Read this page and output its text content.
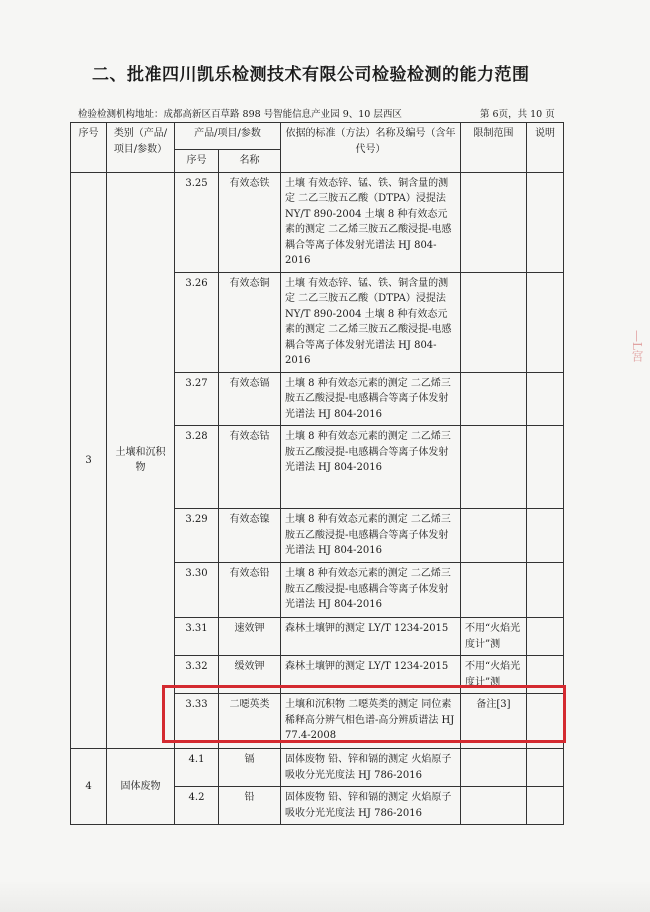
二、批准四川凯乐检测技术有限公司检验检测的能力范围
检验检测机构地址：成都高新区百草路 898 号智能信息产业园 9、10 层西区	第 6页，共 10 页
序号	类别（产品/项目/参数）	产品/项目/参数		依据的标准（方法）名称及编号（含年代号）	限制范围	说明
		序号	名称			
3	土壤和沉积物	3.25	有效态铁	土壤 有效态锌、锰、铁、铜含量的测定 二乙三胺五乙酸（DTPA）浸提法 NY/T 890-2004 土壤 8 种有效态元素的测定 二乙烯三胺五乙酸浸提-电感耦合等离子体发射光谱法 HJ 804-2016		
		3.26	有效态铜	土壤 有效态锌、锰、铁、铜含量的测定 二乙三胺五乙酸（DTPA）浸提法 NY/T 890-2004 土壤 8 种有效态元素的测定 二乙烯三胺五乙酸浸提-电感耦合等离子体发射光谱法 HJ 804-2016		
		3.27	有效态镉	土壤 8 种有效态元素的测定 二乙烯三胺五乙酸浸提-电感耦合等离子体发射光谱法 HJ 804-2016		
		3.28	有效态钴	土壤 8 种有效态元素的测定 二乙烯三胺五乙酸浸提-电感耦合等离子体发射光谱法 HJ 804-2016		
		3.29	有效态镍	土壤 8 种有效态元素的测定 二乙烯三胺五乙酸浸提-电感耦合等离子体发射光谱法 HJ 804-2016		
		3.30	有效态铅	土壤 8 种有效态元素的测定 二乙烯三胺五乙酸浸提-电感耦合等离子体发射光谱法 HJ 804-2016		
		3.31	速效钾	森林土壤钾的测定 LY/T 1234-2015	不用“火焰光度计”测	
		3.32	缓效钾	森林土壤钾的测定 LY/T 1234-2015	不用“火焰光度计”测	
		3.33	二噁英类	土壤和沉积物 二噁英类的测定 同位素稀释高分辨气相色谱-高分辨质谱法 HJ 77.4-2008	备注[3]	
4	固体废物	4.1	镉	固体废物 铅、锌和镉的测定 火焰原子吸收分光光度法 HJ 786-2016		
		4.2	铅	固体废物 铅、锌和镉的测定 火焰原子吸收分光光度法 HJ 786-2016		
—L宮
